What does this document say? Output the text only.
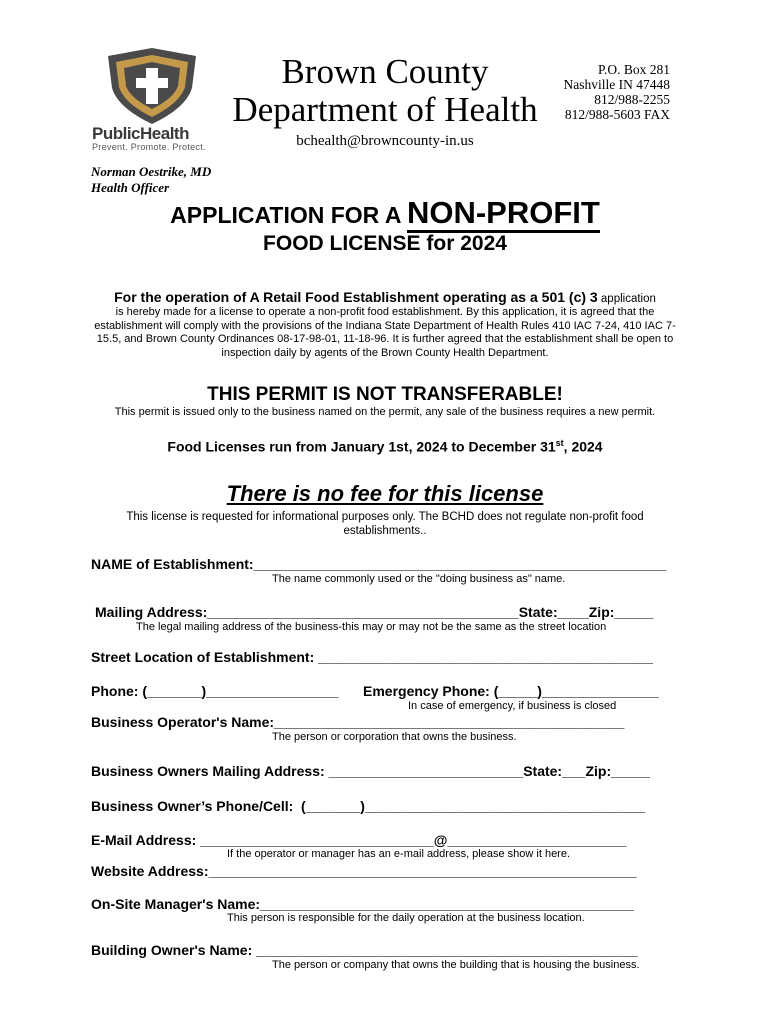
PublicHealth
Prevent. Promote. Protect.
Brown County
Department of Health
bchealth@browncounty-in.us
P.O. Box 281
Nashville IN 47448
812/988-2255
812/988-5603 FAX
Norman Oestrike, MD
Health Officer
APPLICATION FOR A NON-PROFIT
FOOD LICENSE for 2024
For the operation of A Retail Food Establishment operating as a 501 (c) 3 application
is hereby made for a license to operate a non-profit food establishment. By this application, it is agreed that the establishment will comply with the provisions of the Indiana State Department of Health Rules 410 IAC 7-24, 410 IAC 7-15.5, and Brown County Ordinances 08-17-98-01, 11-18-96. It is further agreed that the establishment shall be open to inspection daily by agents of the Brown County Health Department.
THIS PERMIT IS NOT TRANSFERABLE!
This permit is issued only to the business named on the permit, any sale of the business requires a new permit.
Food Licenses run from January 1st, 2024 to December 31st, 2024
There is no fee for this license
This license is requested for informational purposes only. The BCHD does not regulate non-profit food establishments..
NAME of Establishment:_____________________________________________________
The name commonly used or the "doing business as" name.
Mailing Address:________________________________________State:____Zip:_____
The legal mailing address of the business-this may or may not be the same as the street location
Street Location of Establishment: ___________________________________________
Phone: (_______)_________________ Emergency Phone: (_____)_______________
In case of emergency, if business is closed
Business Operator's Name:_____________________________________________
The person or corporation that owns the business.
Business Owners Mailing Address: _________________________State:___Zip:_____
Business Owner’s Phone/Cell:  (_______)____________________________________
E-Mail Address: ______________________________@_______________________
If the operator or manager has an e-mail address, please show it here.
Website Address:_______________________________________________________
On-Site Manager's Name:________________________________________________
This person is responsible for the daily operation at the business location.
Building Owner's Name: _________________________________________________
The person or company that owns the building that is housing the business.
